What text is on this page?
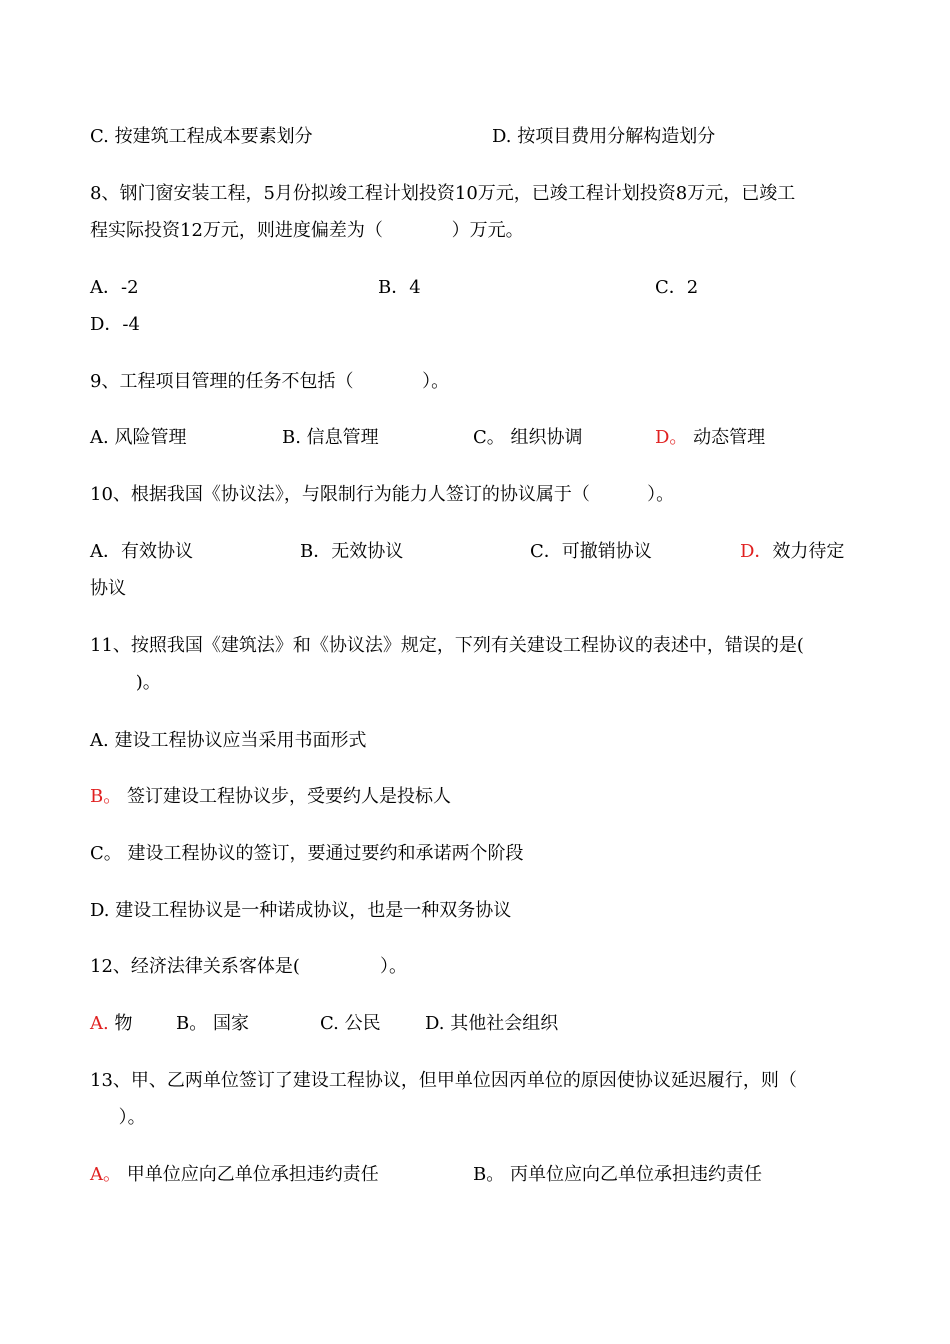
C. 按建筑工程成本要素划分	D. 按项目费用分解构造划分
8、钢门窗安装工程，5月份拟竣工程计划投资10万元，已竣工程计划投资8万元，已竣工
程实际投资12万元，则进度偏差为（            ）万元。
A．-2	B．4	C．2
D．-4
9、工程项目管理的任务不包括（            ）。
A. 风险管理	B. 信息管理	C。 组织协调	D。 动态管理
10、根据我国《协议法》，与限制行为能力人签订的协议属于（          ）。
A．有效协议	B．无效协议	C．可撤销协议	D．效力待定
协议
11、按照我国《建筑法》和《协议法》规定，下列有关建设工程协议的表述中，错误的是(
)。
A. 建设工程协议应当采用书面形式
B。 签订建设工程协议步，受要约人是投标人
C。 建设工程协议的签订，要通过要约和承诺两个阶段
D. 建设工程协议是一种诺成协议，也是一种双务协议
12、经济法律关系客体是(              ）。
A. 物 B。 国家	C. 公民 D. 其他社会组织
13、甲、乙两单位签订了建设工程协议，但甲单位因丙单位的原因使协议延迟履行，则（
）。
A。 甲单位应向乙单位承担违约责任	B。 丙单位应向乙单位承担违约责任
